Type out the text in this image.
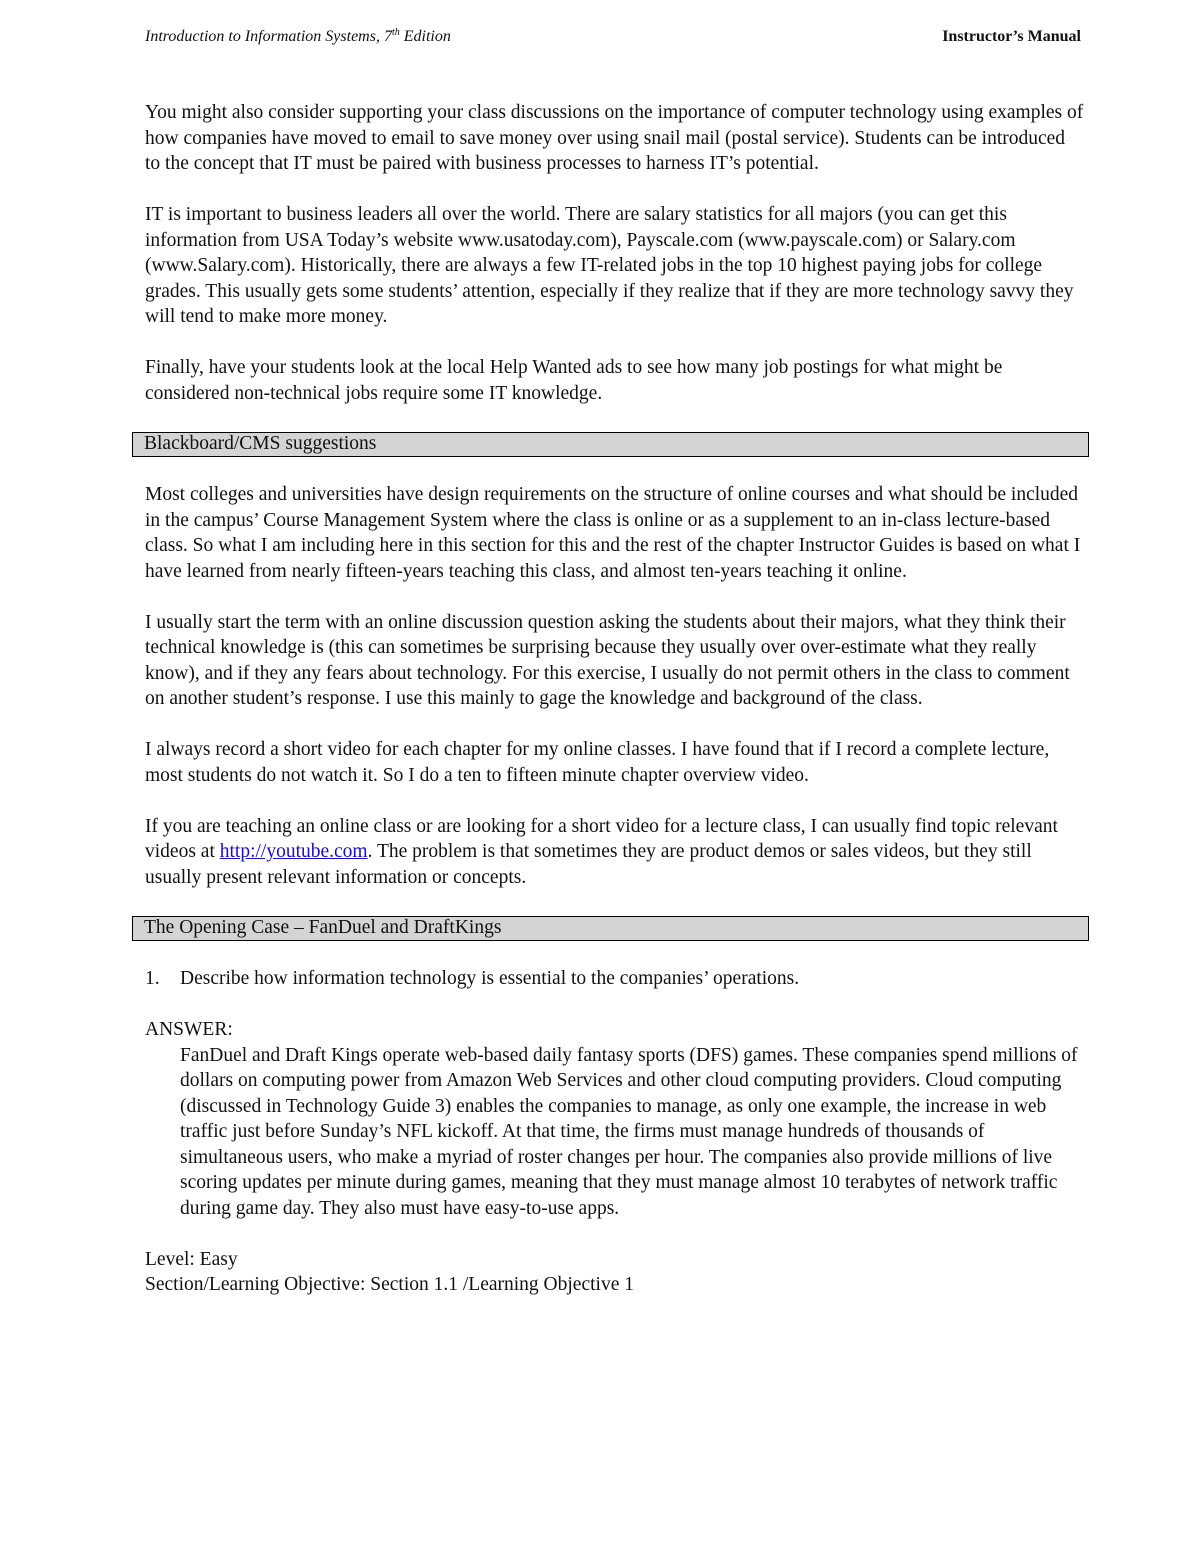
Introduction to Information Systems, 7th Edition	Instructor’s Manual

You might also consider supporting your class discussions on the importance of computer technology using examples of how companies have moved to email to save money over using snail mail (postal service). Students can be introduced to the concept that IT must be paired with business processes to harness IT’s potential.

IT is important to business leaders all over the world. There are salary statistics for all majors (you can get this information from USA Today’s website www.usatoday.com), Payscale.com (www.payscale.com) or Salary.com (www.Salary.com). Historically, there are always a few IT-related jobs in the top 10 highest paying jobs for college grades. This usually gets some students’ attention, especially if they realize that if they are more technology savvy they will tend to make more money.

Finally, have your students look at the local Help Wanted ads to see how many job postings for what might be considered non-technical jobs require some IT knowledge.

Blackboard/CMS suggestions

Most colleges and universities have design requirements on the structure of online courses and what should be included in the campus’ Course Management System where the class is online or as a supplement to an in-class lecture-based class. So what I am including here in this section for this and the rest of the chapter Instructor Guides is based on what I have learned from nearly fifteen-years teaching this class, and almost ten-years teaching it online.

I usually start the term with an online discussion question asking the students about their majors, what they think their technical knowledge is (this can sometimes be surprising because they usually over over-estimate what they really know), and if they any fears about technology. For this exercise, I usually do not permit others in the class to comment on another student’s response. I use this mainly to gage the knowledge and background of the class.

I always record a short video for each chapter for my online classes. I have found that if I record a complete lecture, most students do not watch it. So I do a ten to fifteen minute chapter overview video.

If you are teaching an online class or are looking for a short video for a lecture class, I can usually find topic relevant videos at http://youtube.com. The problem is that sometimes they are product demos or sales videos, but they still usually present relevant information or concepts.

The Opening Case – FanDuel and DraftKings
1.	Describe how information technology is essential to the companies’ operations.

ANSWER:

FanDuel and Draft Kings operate web-based daily fantasy sports (DFS) games. These companies spend millions of dollars on computing power from Amazon Web Services and other cloud computing providers. Cloud computing (discussed in Technology Guide 3) enables the companies to manage, as only one example, the increase in web traffic just before Sunday’s NFL kickoff. At that time, the firms must manage hundreds of thousands of simultaneous users, who make a myriad of roster changes per hour. The companies also provide millions of live scoring updates per minute during games, meaning that they must manage almost 10 terabytes of network traffic during game day. They also must have easy-to-use apps.

Level: Easy

Section/Learning Objective: Section 1.1 /Learning Objective 1
